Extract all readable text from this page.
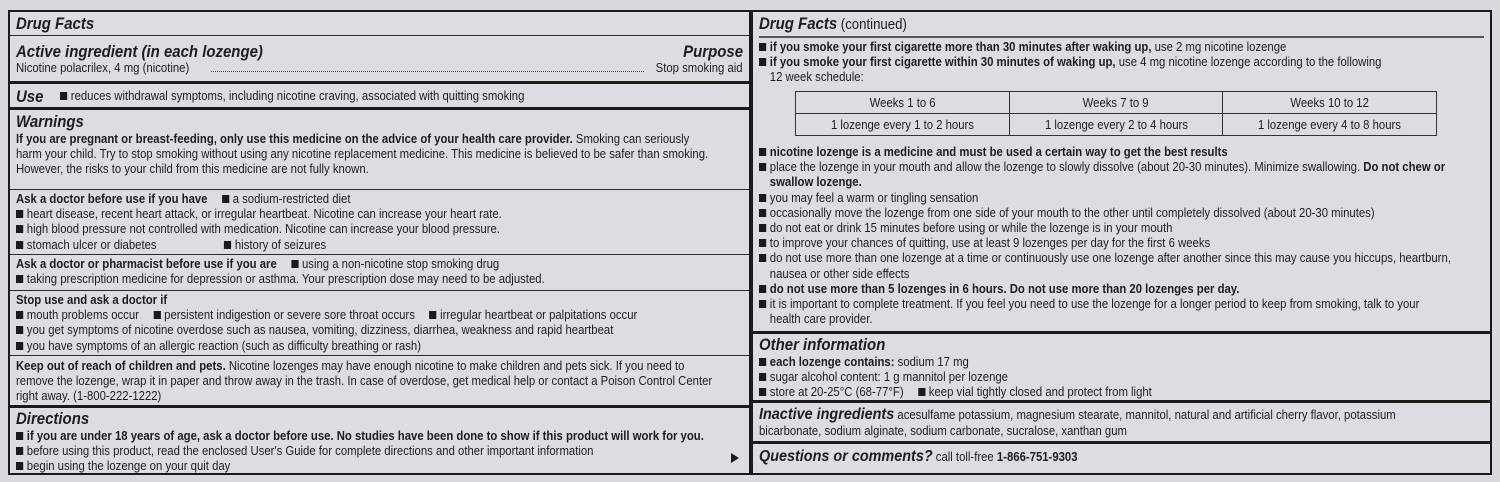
Drug Facts
Active ingredient (in each lozenge)	Purpose
Nicotine polacrilex, 4 mg (nicotine)	Stop smoking aid
Use reduces withdrawal symptoms, including nicotine craving, associated with quitting smoking
Warnings
If you are pregnant or breast-feeding, only use this medicine on the advice of your health care provider. Smoking can seriously
harm your child. Try to stop smoking without using any nicotine replacement medicine. This medicine is believed to be safer than smoking.
However, the risks to your child from this medicine are not fully known.
Ask a doctor before use if you have a sodium-restricted diet
heart disease, recent heart attack, or irregular heartbeat. Nicotine can increase your heart rate.
high blood pressure not controlled with medication. Nicotine can increase your blood pressure.
stomach ulcer or diabetes	history of seizures
Ask a doctor or pharmacist before use if you are using a non-nicotine stop smoking drug
taking prescription medicine for depression or asthma. Your prescription dose may need to be adjusted.
Stop use and ask a doctor if
mouth problems occur persistent indigestion or severe sore throat occurs irregular heartbeat or palpitations occur
you get symptoms of nicotine overdose such as nausea, vomiting, dizziness, diarrhea, weakness and rapid heartbeat
you have symptoms of an allergic reaction (such as difficulty breathing or rash)
Keep out of reach of children and pets. Nicotine lozenges may have enough nicotine to make children and pets sick. If you need to
remove the lozenge, wrap it in paper and throw away in the trash. In case of overdose, get medical help or contact a Poison Control Center
right away. (1-800-222-1222)
Directions
if you are under 18 years of age, ask a doctor before use. No studies have been done to show if this product will work for you.
before using this product, read the enclosed User's Guide for complete directions and other important information
begin using the lozenge on your quit day
Drug Facts (continued)
if you smoke your first cigarette more than 30 minutes after waking up, use 2 mg nicotine lozenge
if you smoke your first cigarette within 30 minutes of waking up, use 4 mg nicotine lozenge according to the following
12 week schedule:
Weeks 1 to 6	Weeks 7 to 9	Weeks 10 to 12
1 lozenge every 1 to 2 hours	1 lozenge every 2 to 4 hours	1 lozenge every 4 to 8 hours
nicotine lozenge is a medicine and must be used a certain way to get the best results
place the lozenge in your mouth and allow the lozenge to slowly dissolve (about 20-30 minutes). Minimize swallowing. Do not chew or
swallow lozenge.
you may feel a warm or tingling sensation
occasionally move the lozenge from one side of your mouth to the other until completely dissolved (about 20-30 minutes)
do not eat or drink 15 minutes before using or while the lozenge is in your mouth
to improve your chances of quitting, use at least 9 lozenges per day for the first 6 weeks
do not use more than one lozenge at a time or continuously use one lozenge after another since this may cause you hiccups, heartburn,
nausea or other side effects
do not use more than 5 lozenges in 6 hours. Do not use more than 20 lozenges per day.
it is important to complete treatment. If you feel you need to use the lozenge for a longer period to keep from smoking, talk to your
health care provider.
Other information
each lozenge contains: sodium 17 mg
sugar alcohol content: 1 g mannitol per lozenge
store at 20-25°C (68-77°F) keep vial tightly closed and protect from light
Inactive ingredients acesulfame potassium, magnesium stearate, mannitol, natural and artificial cherry flavor, potassium
bicarbonate, sodium alginate, sodium carbonate, sucralose, xanthan gum
Questions or comments? call toll-free 1-866-751-9303
